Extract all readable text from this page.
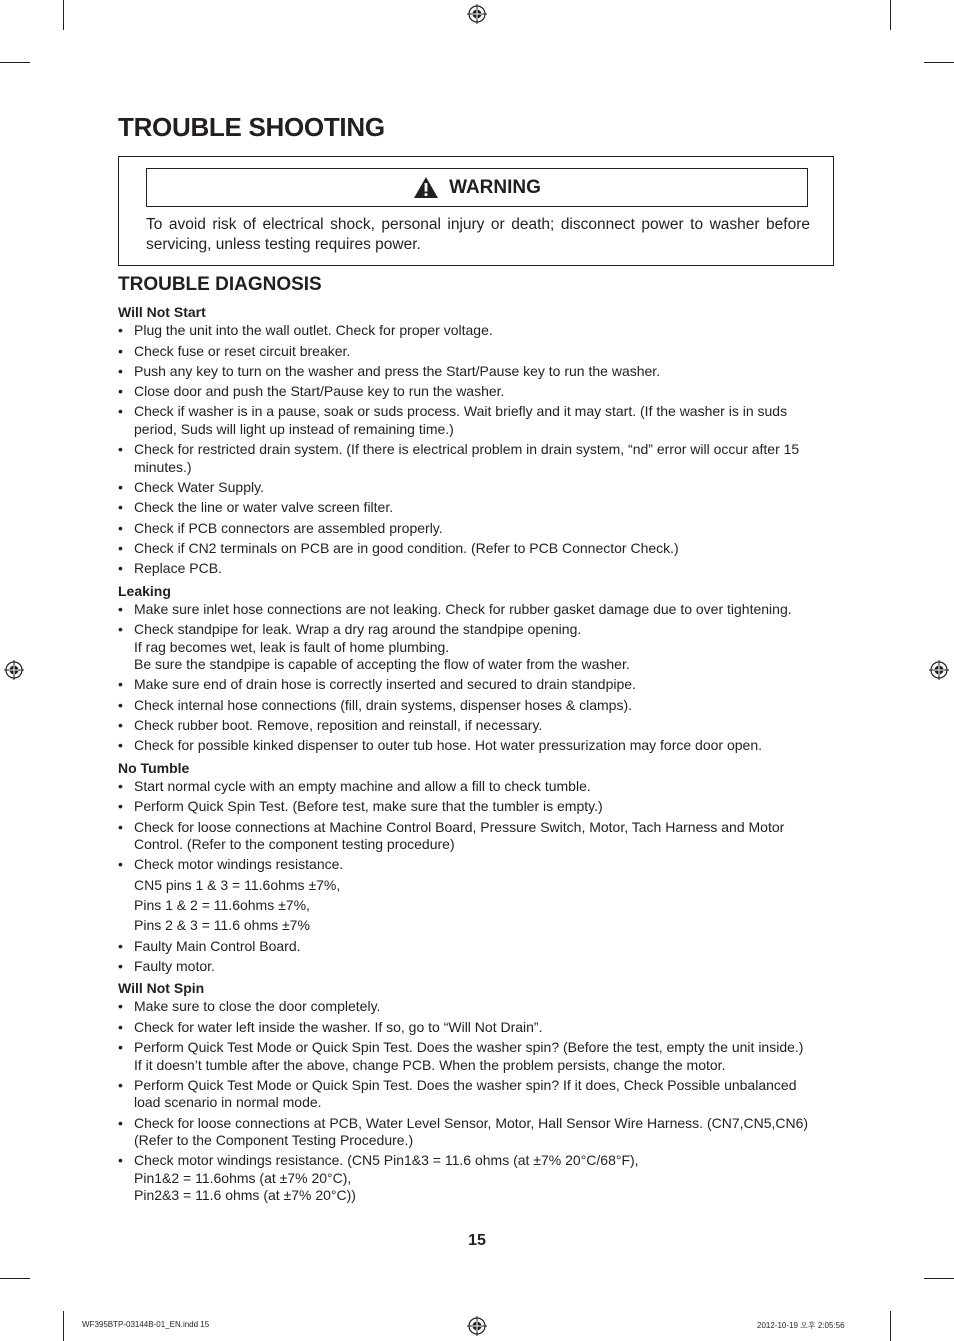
TROUBLE SHOOTING
WARNING

To avoid risk of electrical shock, personal injury or death; disconnect power to washer before servicing, unless testing requires power.

TROUBLE DIAGNOSIS

Will Not Start

• Plug the unit into the wall outlet. Check for proper voltage.
• Check fuse or reset circuit breaker.
• Push any key to turn on the washer and press the Start/Pause key to run the washer.
• Close door and push the Start/Pause key to run the washer.
• Check if washer is in a pause, soak or suds process. Wait briefly and it may start. (If the washer is in suds
period, Suds will light up instead of remaining time.)
• Check for restricted drain system. (If there is electrical problem in drain system, “nd” error will occur after 15
minutes.)
• Check Water Supply.
• Check the line or water valve screen filter.
• Check if PCB connectors are assembled properly.
• Check if CN2 terminals on PCB are in good condition. (Refer to PCB Connector Check.)
• Replace PCB.

Leaking

• Make sure inlet hose connections are not leaking. Check for rubber gasket damage due to over tightening.
• Check standpipe for leak. Wrap a dry rag around the standpipe opening.
If rag becomes wet, leak is fault of home plumbing.
Be sure the standpipe is capable of accepting the flow of water from the washer.
• Make sure end of drain hose is correctly inserted and secured to drain standpipe.
• Check internal hose connections (fill, drain systems, dispenser hoses & clamps).
• Check rubber boot. Remove, reposition and reinstall, if necessary.
• Check for possible kinked dispenser to outer tub hose. Hot water pressurization may force door open.

No Tumble

• Start normal cycle with an empty machine and allow a fill to check tumble.
• Perform Quick Spin Test. (Before test, make sure that the tumbler is empty.)
• Check for loose connections at Machine Control Board, Pressure Switch, Motor, Tach Harness and Motor
Control. (Refer to the component testing procedure)
• Check motor windings resistance.
CN5 pins 1 & 3 = 11.6ohms ±7%,
Pins 1 & 2 = 11.6ohms ±7%,
Pins 2 & 3 = 11.6 ohms ±7%
• Faulty Main Control Board.
• Faulty motor.

Will Not Spin

• Make sure to close the door completely.
• Check for water left inside the washer. If so, go to “Will Not Drain”.
• Perform Quick Test Mode or Quick Spin Test. Does the washer spin? (Before the test, empty the unit inside.)
If it doesn’t tumble after the above, change PCB. When the problem persists, change the motor.
• Perform Quick Test Mode or Quick Spin Test. Does the washer spin? If it does, Check Possible unbalanced
load scenario in normal mode.
• Check for loose connections at PCB, Water Level Sensor, Motor, Hall Sensor Wire Harness. (CN7,CN5,CN6)
(Refer to the Component Testing Procedure.)
• Check motor windings resistance. (CN5 Pin1&3 = 11.6 ohms (at ±7% 20°C/68°F),
Pin1&2 = 11.6ohms (at ±7% 20°C),
Pin2&3 = 11.6 ohms (at ±7% 20°C))
15
WF395BTP-03144B-01_EN.indd 15	2012-10-19 오후 2:05:56
